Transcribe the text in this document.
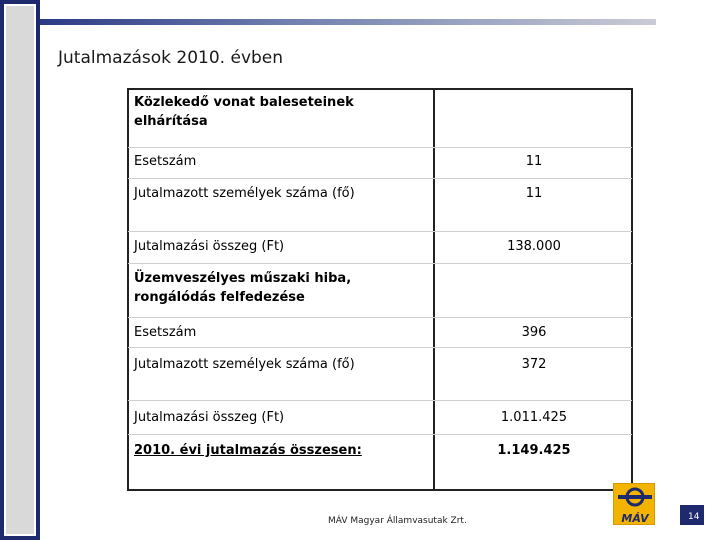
Jutalmazások 2010. évben
Közlekedő vonat baleseteinek elhárítása
Esetszám	11
Jutalmazott személyek száma (fő)	11
Jutalmazási összeg (Ft)	138.000
Üzemveszélyes műszaki hiba, rongálódás felfedezése
Esetszám	396
Jutalmazott személyek száma (fő)	372
Jutalmazási összeg (Ft)	1.011.425
2010. évi jutalmazás összesen:	1.149.425
MÁV Magyar Államvasutak Zrt.	MÁV	14
